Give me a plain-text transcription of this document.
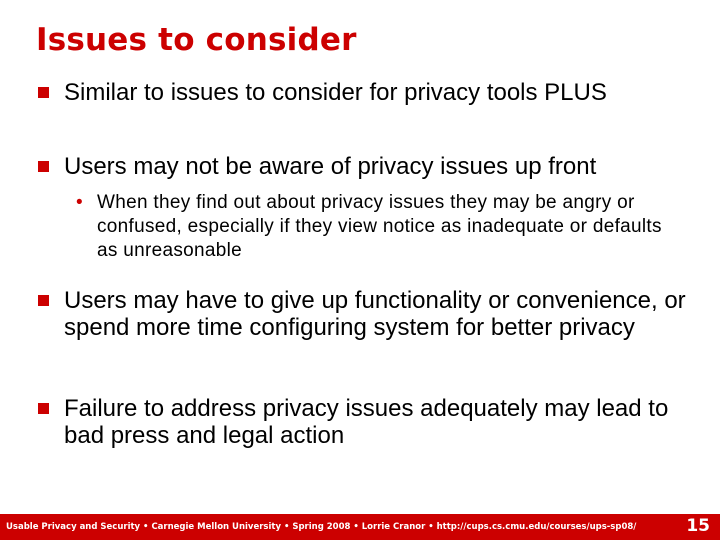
Issues to consider
Similar to issues to consider for privacy tools PLUS
Users may not be aware of privacy issues up front
• When they find out about privacy issues they may be angry or confused, especially if they view notice as inadequate or defaults as unreasonable
Users may have to give up functionality or convenience, or spend more time configuring system for better privacy
Failure to address privacy issues adequately may lead to bad press and legal action
Usable Privacy and Security • Carnegie Mellon University • Spring 2008 • Lorrie Cranor • http://cups.cs.cmu.edu/courses/ups-sp08/	15
